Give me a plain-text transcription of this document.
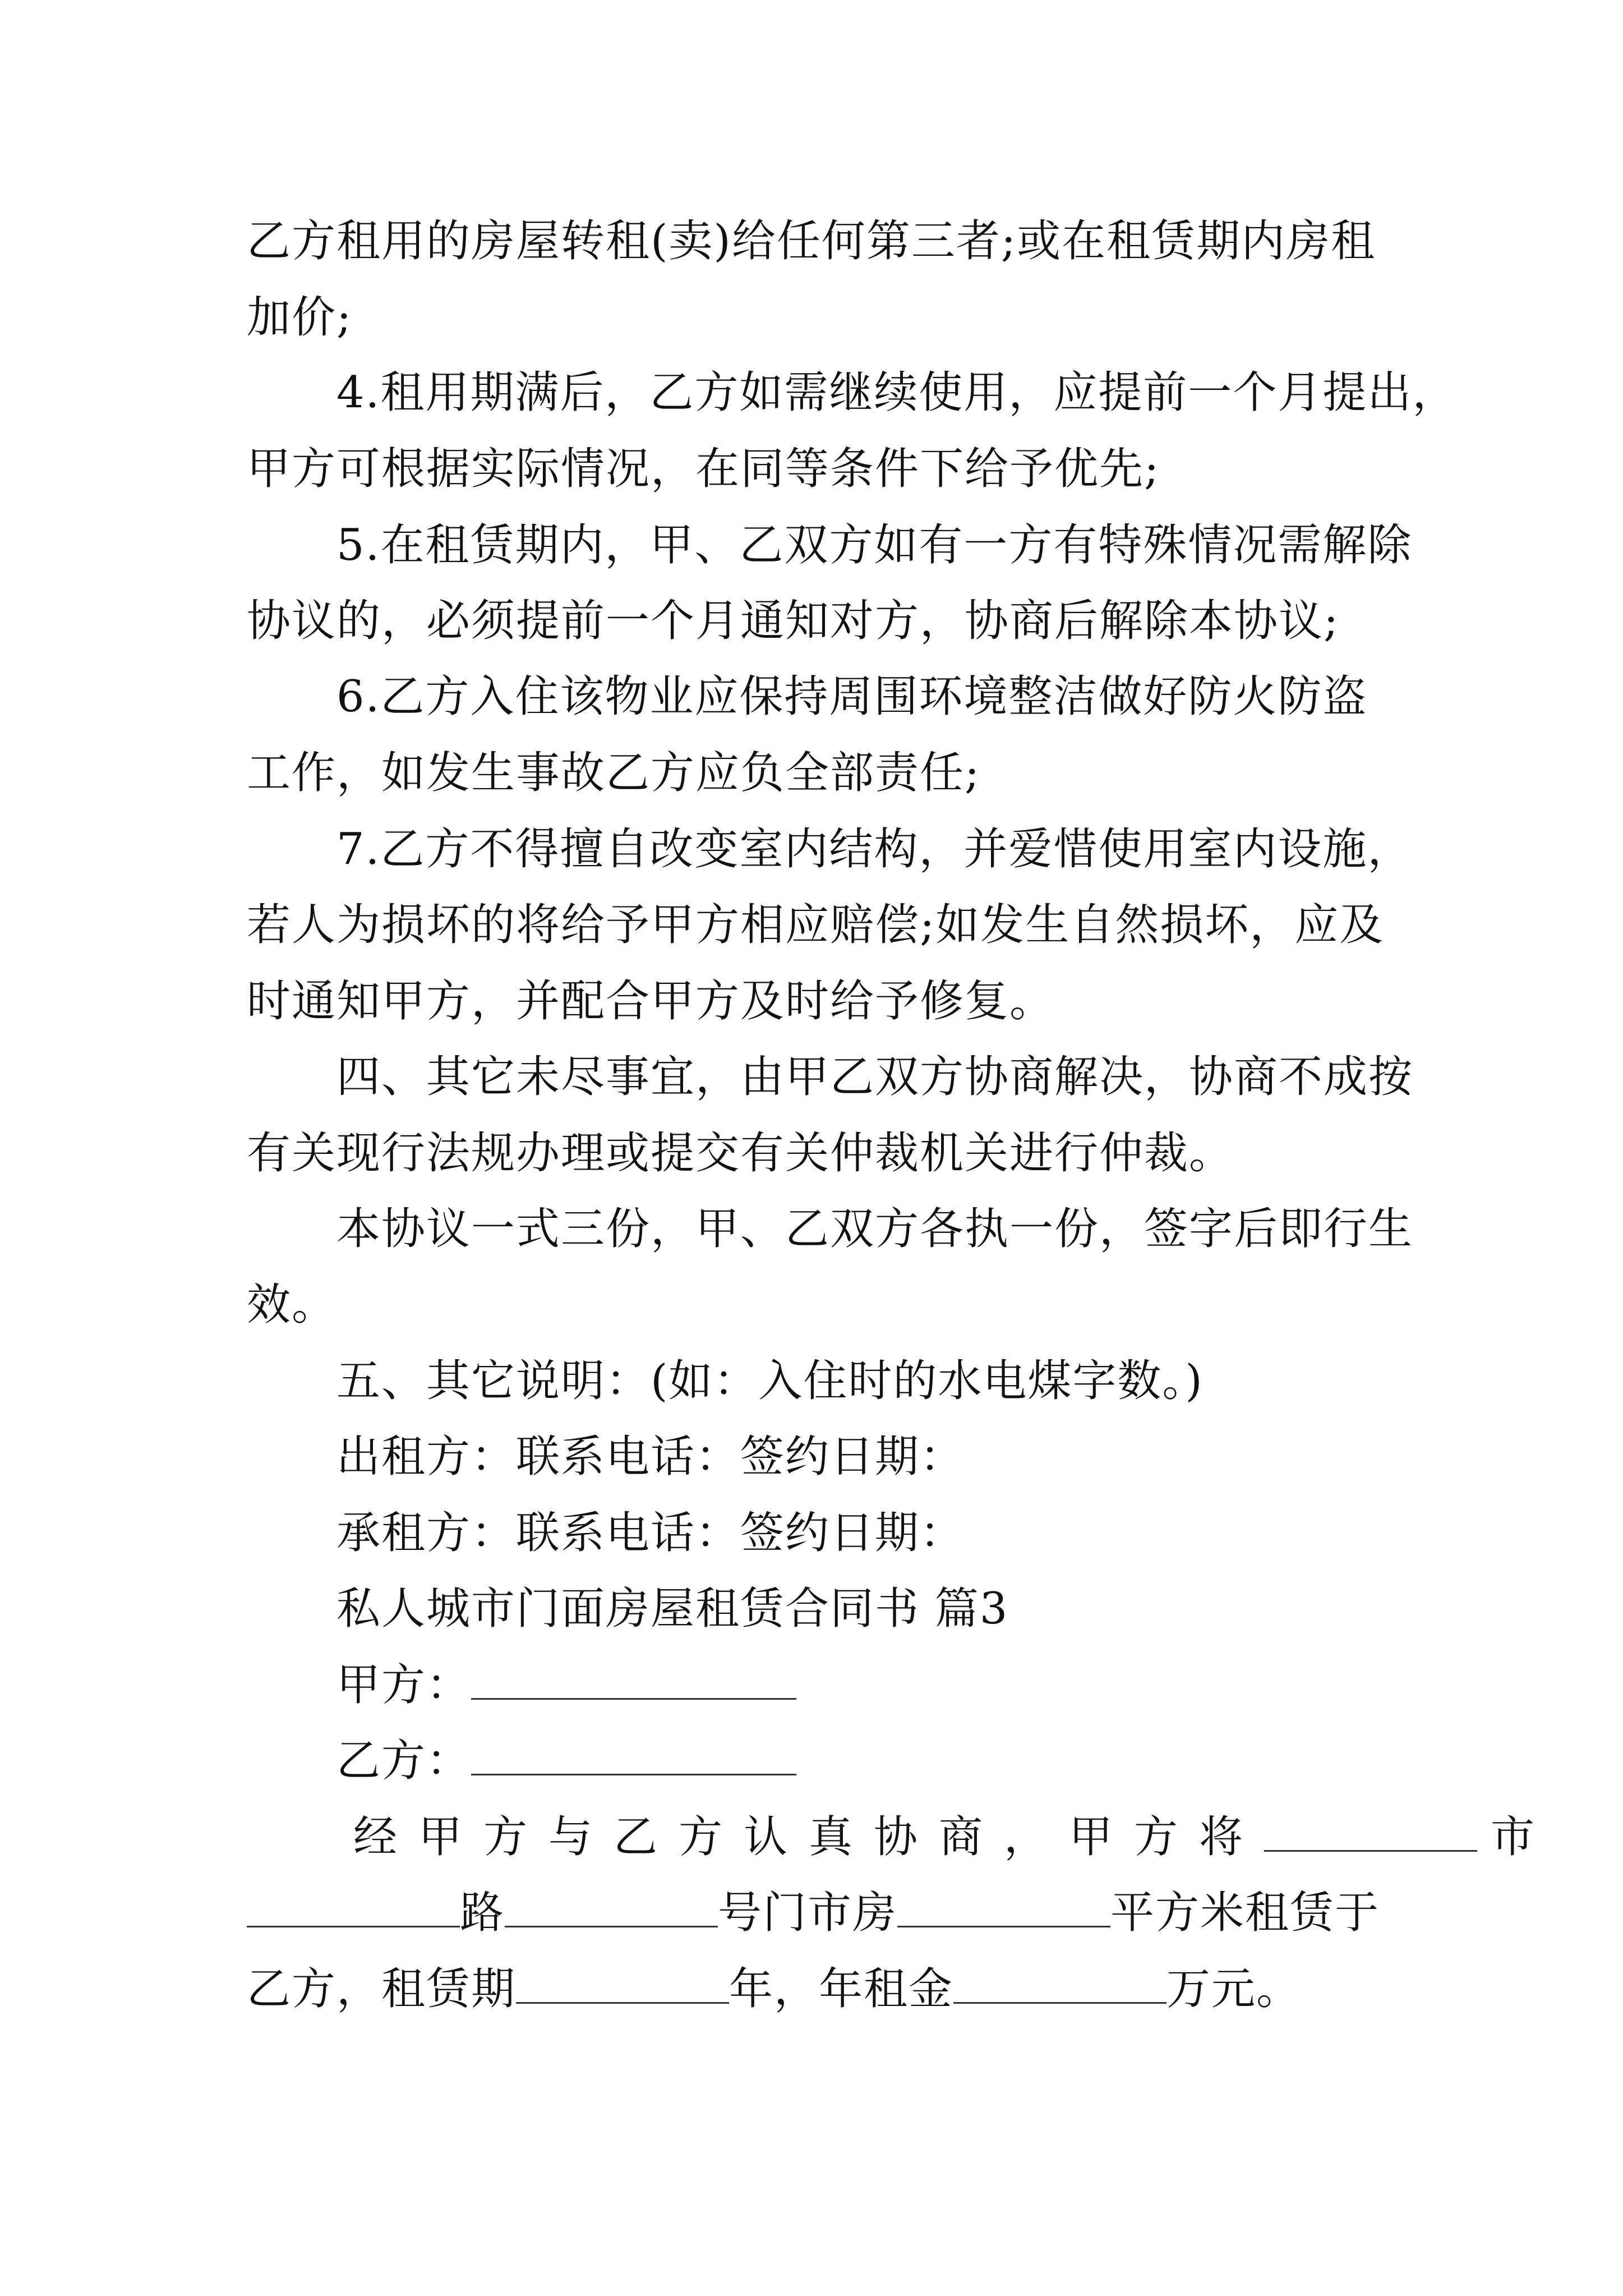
乙方租用的房屋转租(卖)给任何第三者;或在租赁期内房租
加价;
4.租用期满后，乙方如需继续使用，应提前一个月提出，
甲方可根据实际情况，在同等条件下给予优先;
5.在租赁期内，甲、乙双方如有一方有特殊情况需解除
协议的，必须提前一个月通知对方，协商后解除本协议;
6.乙方入住该物业应保持周围环境整洁做好防火防盗
工作，如发生事故乙方应负全部责任;
7.乙方不得擅自改变室内结构，并爱惜使用室内设施，
若人为损坏的将给予甲方相应赔偿;如发生自然损坏，应及
时通知甲方，并配合甲方及时给予修复。
四、其它未尽事宜，由甲乙双方协商解决，协商不成按
有关现行法规办理或提交有关仲裁机关进行仲裁。
本协议一式三份，甲、乙双方各执一份，签字后即行生
效。
五、其它说明：(如：入住时的水电煤字数。)
出租方：联系电话：签约日期：
承租方：联系电话：签约日期：
私人城市门面房屋租赁合同书 篇3
甲方：
乙方：
经甲方与乙方认真协商，甲方将	市
路	号门市房	平方米租赁于
乙方，租赁期	年，年租金	万元。
